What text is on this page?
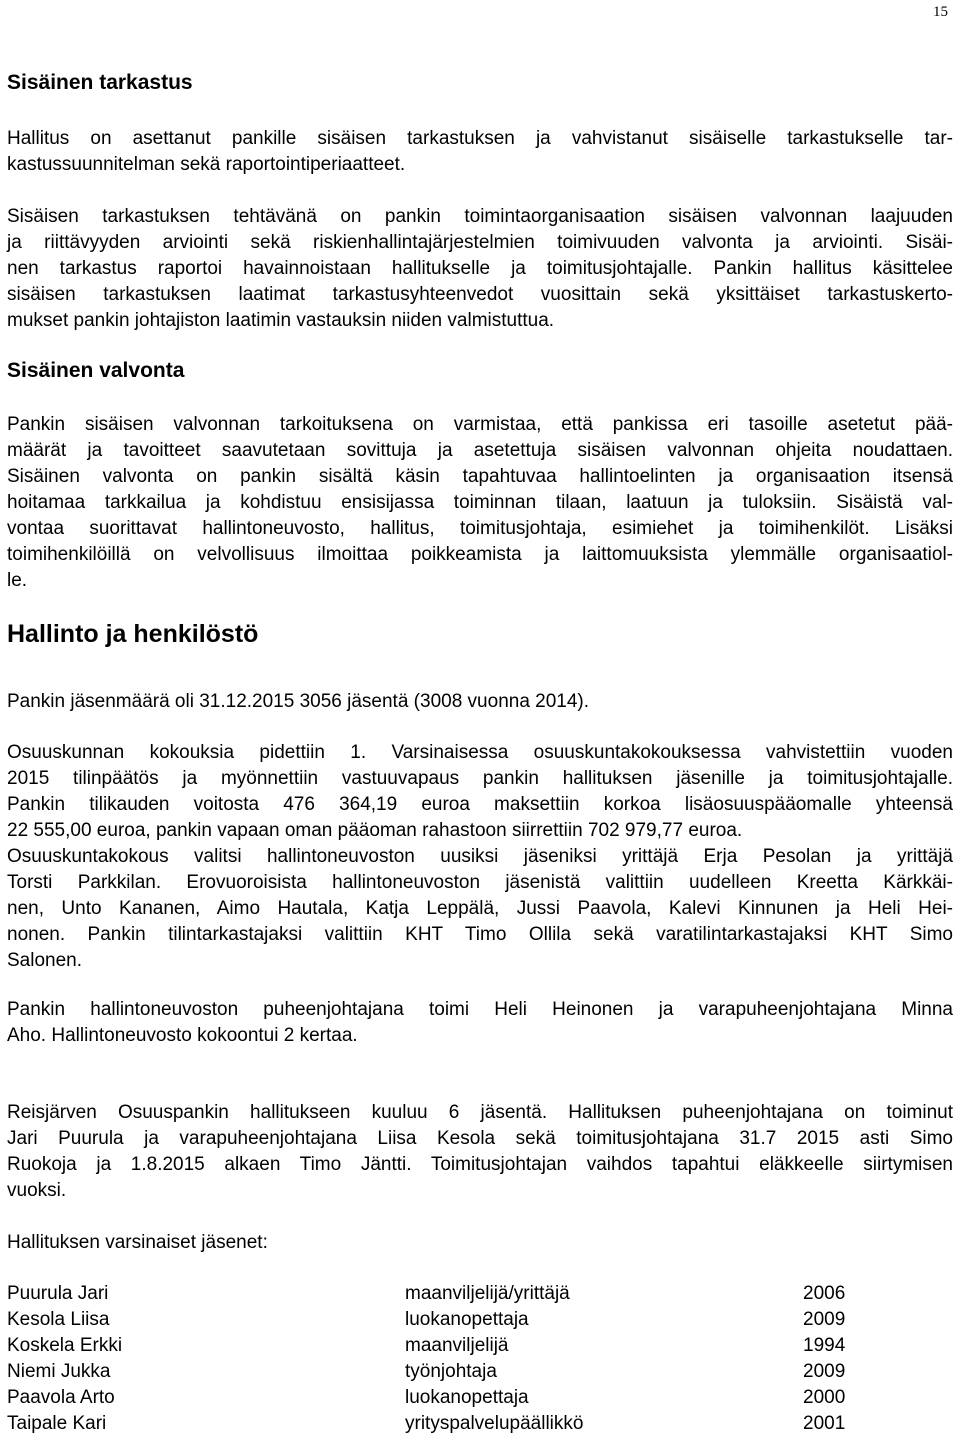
15
Sisäinen tarkastus
Hallitus on asettanut pankille sisäisen tarkastuksen ja vahvistanut sisäiselle tarkastukselle tar-
kastussuunnitelman sekä raportointiperiaatteet.
Sisäisen tarkastuksen tehtävänä on pankin toimintaorganisaation sisäisen valvonnan laajuuden
ja riittävyyden arviointi sekä riskienhallintajärjestelmien toimivuuden valvonta ja arviointi. Sisäi-
nen tarkastus raportoi havainnoistaan hallitukselle ja toimitusjohtajalle. Pankin hallitus käsittelee
sisäisen tarkastuksen laatimat tarkastusyhteenvedot vuosittain sekä yksittäiset tarkastuskerto-
mukset pankin johtajiston laatimin vastauksin niiden valmistuttua.
Sisäinen valvonta
Pankin sisäisen valvonnan tarkoituksena on varmistaa, että pankissa eri tasoille asetetut pää-
määrät ja tavoitteet saavutetaan sovittuja ja asetettuja sisäisen valvonnan ohjeita noudattaen.
Sisäinen valvonta on pankin sisältä käsin tapahtuvaa hallintoelinten ja organisaation itsensä
hoitamaa tarkkailua ja kohdistuu ensisijassa toiminnan tilaan, laatuun ja tuloksiin. Sisäistä val-
vontaa suorittavat hallintoneuvosto, hallitus, toimitusjohtaja, esimiehet ja toimihenkilöt. Lisäksi
toimihenkilöillä on velvollisuus ilmoittaa poikkeamista ja laittomuuksista ylemmälle organisaatiol-
le.
Hallinto ja henkilöstö
Pankin jäsenmäärä oli 31.12.2015 3056 jäsentä (3008 vuonna 2014).
Osuuskunnan kokouksia pidettiin 1. Varsinaisessa osuuskuntakokouksessa vahvistettiin vuoden
2015 tilinpäätös ja myönnettiin vastuuvapaus pankin hallituksen jäsenille ja toimitusjohtajalle.
Pankin tilikauden voitosta 476 364,19 euroa maksettiin korkoa lisäosuuspääomalle yhteensä
22 555,00 euroa, pankin vapaan oman pääoman rahastoon siirrettiin 702 979,77 euroa.
Osuuskuntakokous valitsi hallintoneuvoston uusiksi jäseniksi yrittäjä Erja Pesolan ja yrittäjä
Torsti Parkkilan. Erovuoroisista hallintoneuvoston jäsenistä valittiin uudelleen Kreetta Kärkkäi-
nen, Unto Kananen, Aimo Hautala, Katja Leppälä, Jussi Paavola, Kalevi Kinnunen ja Heli Hei-
nonen. Pankin tilintarkastajaksi valittiin KHT Timo Ollila sekä varatilintarkastajaksi KHT Simo
Salonen.
Pankin hallintoneuvoston puheenjohtajana toimi Heli Heinonen ja varapuheenjohtajana Minna
Aho. Hallintoneuvosto kokoontui 2 kertaa.
Reisjärven Osuuspankin hallitukseen kuuluu 6 jäsentä. Hallituksen puheenjohtajana on toiminut
Jari Puurula ja varapuheenjohtajana Liisa Kesola sekä toimitusjohtajana 31.7 2015 asti Simo
Ruokoja ja 1.8.2015 alkaen Timo Jäntti. Toimitusjohtajan vaihdos tapahtui eläkkeelle siirtymisen
vuoksi.
Hallituksen varsinaiset jäsenet:
Puurula Jari	maanviljelijä/yrittäjä	2006
Kesola Liisa	luokanopettaja	2009
Koskela Erkki	maanviljelijä	1994
Niemi Jukka	työnjohtaja	2009
Paavola Arto	luokanopettaja	2000
Taipale Kari	yrityspalvelupäällikkö	2001
